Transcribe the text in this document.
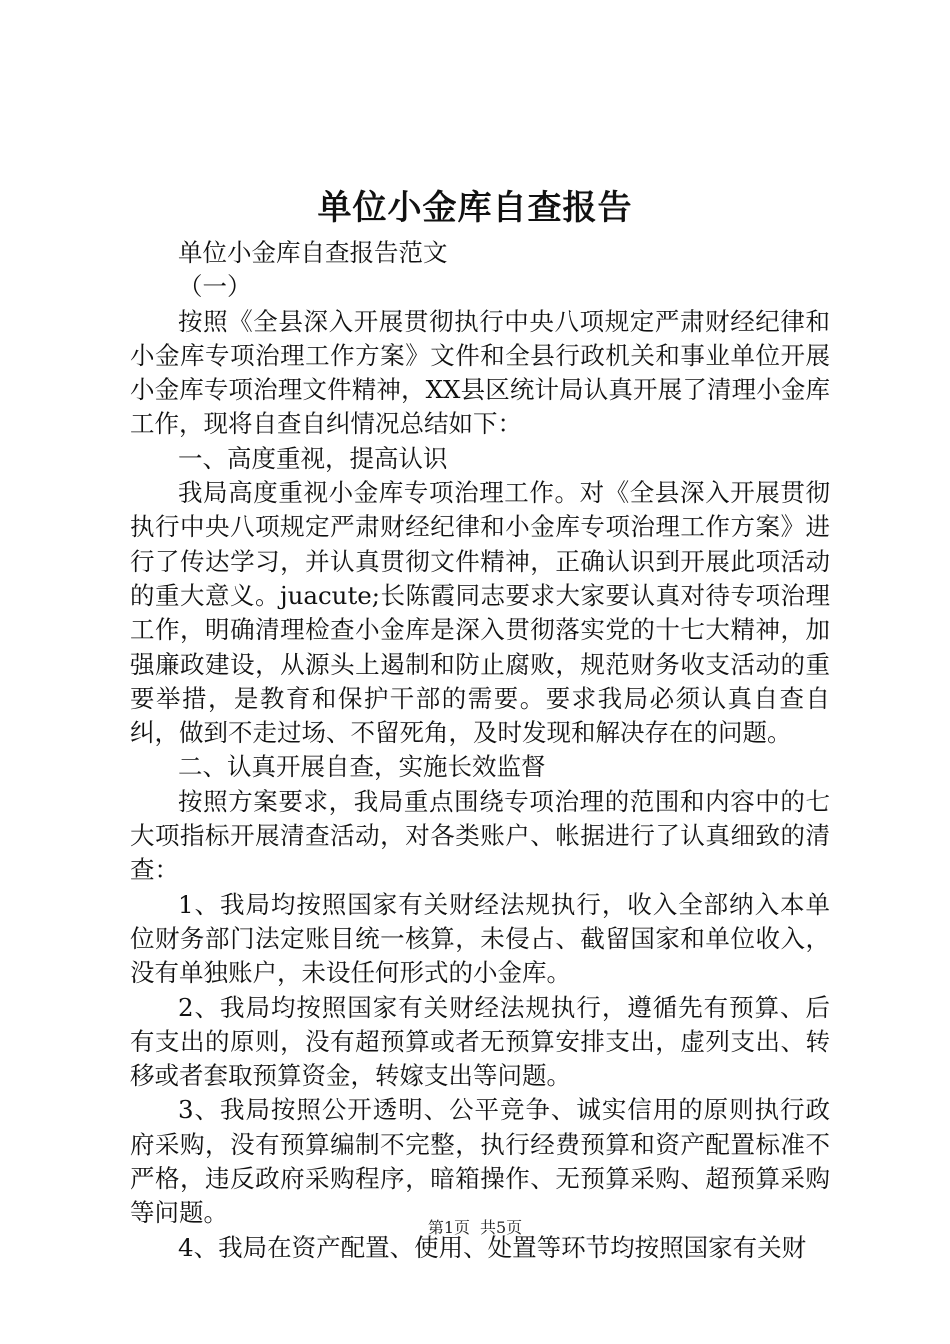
单位小金库自查报告

单位小金库自查报告范文

（一）

按照《全县深入开展贯彻执行中央八项规定严肃财经纪律和小金库专项治理工作方案》文件和全县行政机关和事业单位开展小金库专项治理文件精神，XX县区统计局认真开展了清理小金库工作，现将自查自纠情况总结如下：

一、高度重视，提高认识

我局高度重视小金库专项治理工作。对《全县深入开展贯彻执行中央八项规定严肃财经纪律和小金库专项治理工作方案》进行了传达学习，并认真贯彻文件精神，正确认识到开展此项活动的重大意义。juacute;长陈霞同志要求大家要认真对待专项治理工作，明确清理检查小金库是深入贯彻落实党的十七大精神，加强廉政建设，从源头上遏制和防止腐败，规范财务收支活动的重要举措，是教育和保护干部的需要。要求我局必须认真自查自纠，做到不走过场、不留死角，及时发现和解决存在的问题。

二、认真开展自查，实施长效监督

按照方案要求，我局重点围绕专项治理的范围和内容中的七大项指标开展清查活动，对各类账户、帐据进行了认真细致的清查：

1、我局均按照国家有关财经法规执行，收入全部纳入本单位财务部门法定账目统一核算，未侵占、截留国家和单位收入，没有单独账户，未设任何形式的小金库。

2、我局均按照国家有关财经法规执行，遵循先有预算、后有支出的原则，没有超预算或者无预算安排支出，虚列支出、转移或者套取预算资金，转嫁支出等问题。

3、我局按照公开透明、公平竞争、诚实信用的原则执行政府采购，没有预算编制不完整，执行经费预算和资产配置标准不严格，违反政府采购程序，暗箱操作、无预算采购、超预算采购等问题。

4、我局在资产配置、使用、处置等环节均按照国家有关财

第1页 共5页
